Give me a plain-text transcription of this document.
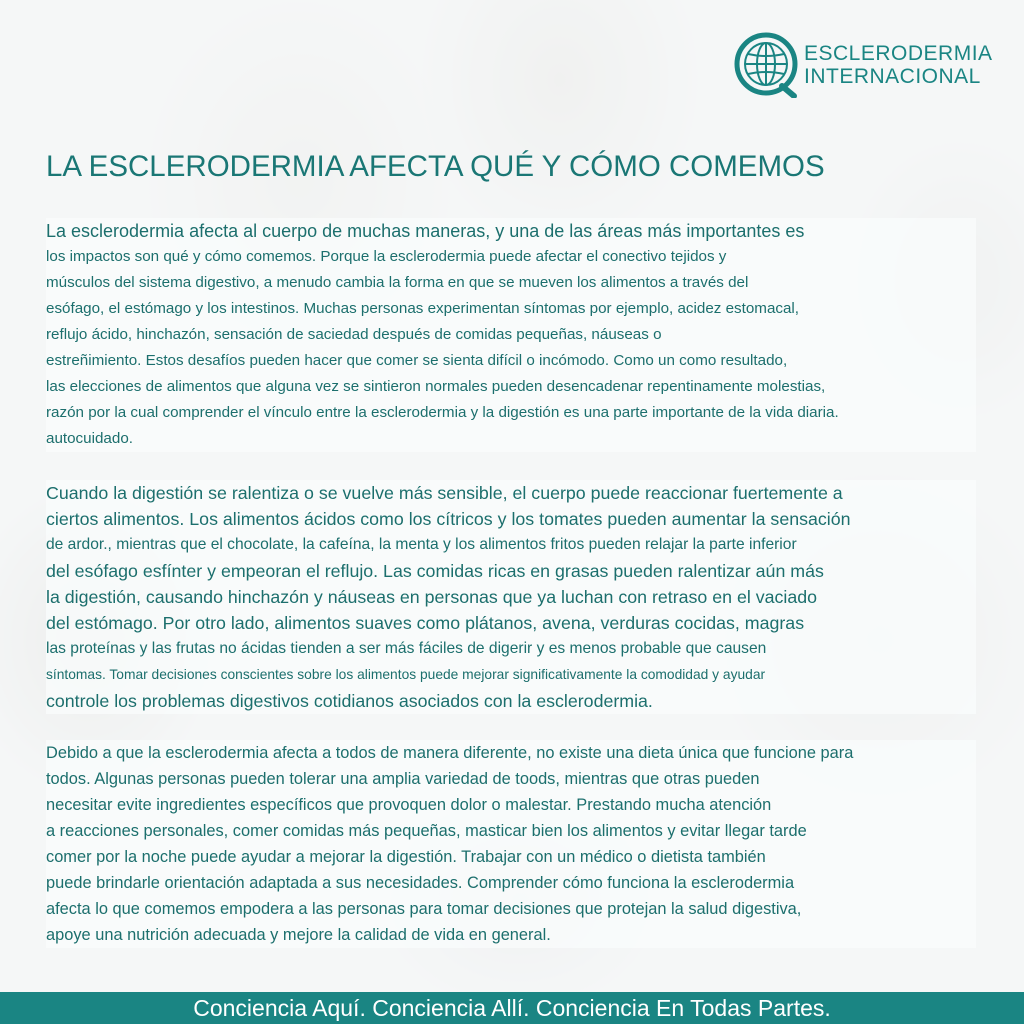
ESCLERODERMIA
INTERNACIONAL
LA ESCLERODERMIA AFECTA QUÉ Y CÓMO COMEMOS
La esclerodermia afecta al cuerpo de muchas maneras, y una de las áreas más importantes es
los impactos son qué y cómo comemos. Porque la esclerodermia puede afectar el conectivo tejidos y
músculos del sistema digestivo, a menudo cambia la forma en que se mueven los alimentos a través del
esófago, el estómago y los intestinos. Muchas personas experimentan síntomas por ejemplo, acidez estomacal,
reflujo ácido, hinchazón, sensación de saciedad después de comidas pequeñas, náuseas o
estreñimiento. Estos desafíos pueden hacer que comer se sienta difícil o incómodo. Como un como resultado,
las elecciones de alimentos que alguna vez se sintieron normales pueden desencadenar repentinamente molestias,
razón por la cual comprender el vínculo entre la esclerodermia y la digestión es una parte importante de la vida diaria.
autocuidado.
Cuando la digestión se ralentiza o se vuelve más sensible, el cuerpo puede reaccionar fuertemente a
ciertos alimentos. Los alimentos ácidos como los cítricos y los tomates pueden aumentar la sensación
de ardor., mientras que el chocolate, la cafeína, la menta y los alimentos fritos pueden relajar la parte inferior
del esófago esfínter y empeoran el reflujo. Las comidas ricas en grasas pueden ralentizar aún más
la digestión, causando hinchazón y náuseas en personas que ya luchan con retraso en el vaciado
del estómago. Por otro lado, alimentos suaves como plátanos, avena, verduras cocidas, magras
las proteínas y las frutas no ácidas tienden a ser más fáciles de digerir y es menos probable que causen
síntomas. Tomar decisiones conscientes sobre los alimentos puede mejorar significativamente la comodidad y ayudar
controle los problemas digestivos cotidianos asociados con la esclerodermia.
Debido a que la esclerodermia afecta a todos de manera diferente, no existe una dieta única que funcione para
todos. Algunas personas pueden tolerar una amplia variedad de toods, mientras que otras pueden
necesitar evite ingredientes específicos que provoquen dolor o malestar. Prestando mucha atención
a reacciones personales, comer comidas más pequeñas, masticar bien los alimentos y evitar llegar tarde
comer por la noche puede ayudar a mejorar la digestión. Trabajar con un médico o dietista también
puede brindarle orientación adaptada a sus necesidades. Comprender cómo funciona la esclerodermia
afecta lo que comemos empodera a las personas para tomar decisiones que protejan la salud digestiva,
apoye una nutrición adecuada y mejore la calidad de vida en general.
Conciencia Aquí. Conciencia Allí. Conciencia En Todas Partes.
